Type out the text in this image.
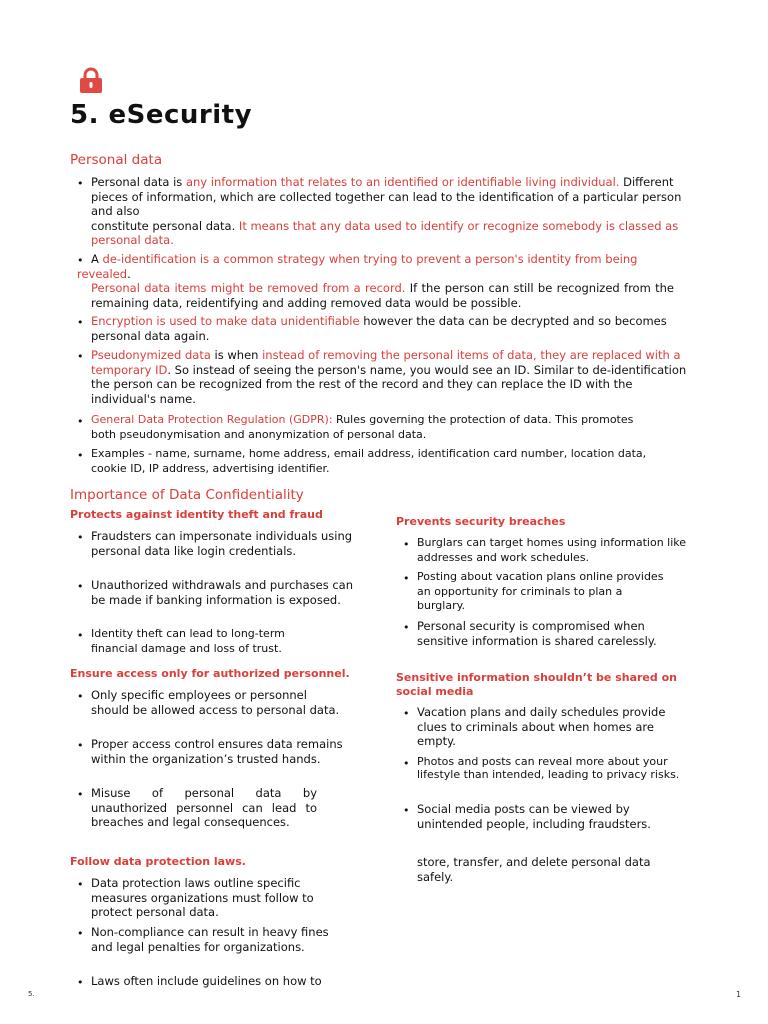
5. eSecurity
Personal data
• Personal data is any information that relates to an identified or identifiable living individual. Different pieces of information, which are collected together can lead to the identification of a particular person and also

constitute personal data. It means that any data used to identify or recognize somebody is classed as personal data.

• A de-identification is a common strategy when trying to prevent a person's identity from being

revealed.

Personal data items might be removed from a record. If the person can still be recognized from the remaining data, reidentifying and adding removed data would be possible.

• Encryption is used to make data unidentifiable however the data can be decrypted and so becomes personal data again.

• Pseudonymized data is when instead of removing the personal items of data, they are replaced with a temporary ID. So instead of seeing the person's name, you would see an ID. Similar to de-identification the person can be recognized from the rest of the record and they can replace the ID with the individual's name.

• General Data Protection Regulation (GDPR): Rules governing the protection of data. This promotes both pseudonymisation and anonymization of personal data.

• Examples - name, surname, home address, email address, identification card number, location data, cookie ID, IP address, advertising identifier.

Importance of Data Confidentiality
Protects against identity theft and fraud
• Fraudsters can impersonate individuals using personal data like login credentials.

• Unauthorized withdrawals and purchases can be made if banking information is exposed.

• Identity theft can lead to long-term financial damage and loss of trust.

Ensure access only for authorized personnel.
• Only specific employees or personnel should be allowed access to personal data.

• Proper access control ensures data remains within the organization’s trusted hands.

• Misuse of personal data by unauthorized personnel can lead to breaches and legal consequences.

Follow data protection laws.
• Data protection laws outline specific measures organizations must follow to protect personal data.

• Non-compliance can result in heavy fines and legal penalties for organizations.

• Laws often include guidelines on how to

Prevents security breaches
• Burglars can target homes using information like addresses and work schedules.

• Posting about vacation plans online provides an opportunity for criminals to plan a burglary.

• Personal security is compromised when sensitive information is shared carelessly.

Sensitive information shouldn’t be shared on social media
• Vacation plans and daily schedules provide clues to criminals about when homes are empty.

• Photos and posts can reveal more about your lifestyle than intended, leading to privacy risks.

• Social media posts can be viewed by unintended people, including fraudsters.

store, transfer, and delete personal data safely.

5.	1
